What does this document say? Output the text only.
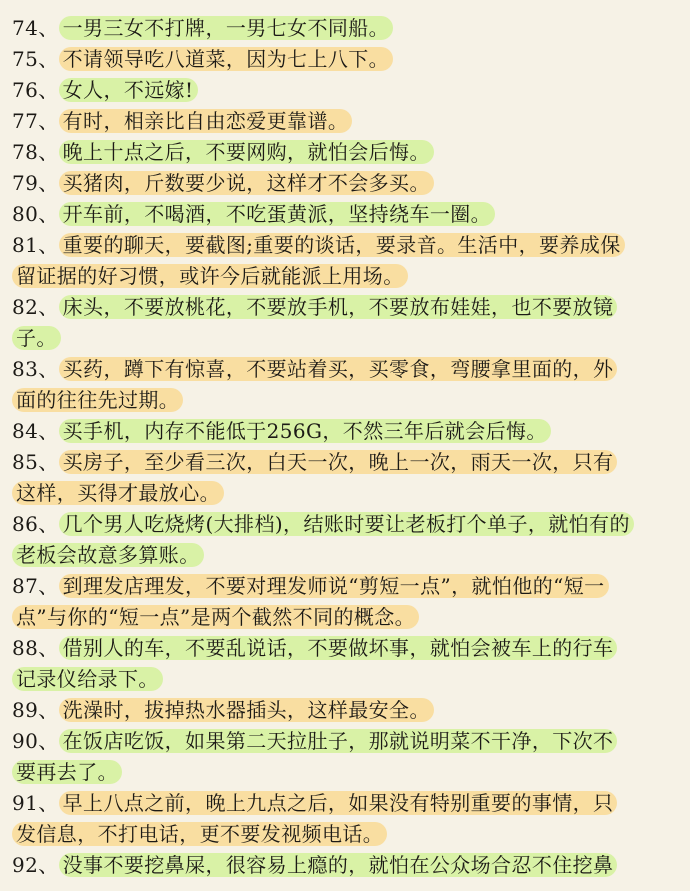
74、 一男三女不打牌，一男七女不同船。
75、 不请领导吃八道菜，因为七上八下。
76、 女人，不远嫁!
77、 有时，相亲比自由恋爱更靠谱。
78、 晚上十点之后，不要网购，就怕会后悔。
79、 买猪肉，斤数要少说，这样才不会多买。
80、 开车前，不喝酒，不吃蛋黄派，坚持绕车一圈。
81、 重要的聊天，要截图;重要的谈话，要录音。生活中，要养成保
留证据的好习惯，或许今后就能派上用场。
82、 床头，不要放桃花，不要放手机，不要放布娃娃，也不要放镜
子。
83、 买药，蹲下有惊喜，不要站着买，买零食，弯腰拿里面的，外
面的往往先过期。
84、 买手机，内存不能低于256G，不然三年后就会后悔。
85、 买房子，至少看三次，白天一次，晚上一次，雨天一次，只有
这样，买得才最放心。
86、 几个男人吃烧烤(大排档)，结账时要让老板打个单子，就怕有的
老板会故意多算账。
87、 到理发店理发，不要对理发师说“剪短一点”，就怕他的“短一
点”与你的“短一点”是两个截然不同的概念。
88、 借别人的车，不要乱说话，不要做坏事，就怕会被车上的行车
记录仪给录下。
89、 洗澡时，拔掉热水器插头，这样最安全。
90、 在饭店吃饭，如果第二天拉肚子，那就说明菜不干净，下次不
要再去了。
91、 早上八点之前，晚上九点之后，如果没有特别重要的事情，只
发信息，不打电话，更不要发视频电话。
92、 没事不要挖鼻屎，很容易上瘾的，就怕在公众场合忍不住挖鼻
